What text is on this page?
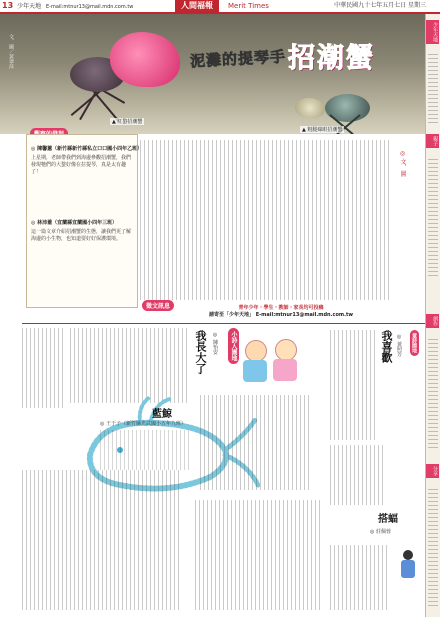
13 少年天地 E-mail:mtnur13@mail.mdn.com.tw	人間福報	Merit Times	中華民國九十七年五月七日 星期三
文、圖／黃翠萍	泥灘的提琴手 招潮蟹
▲ 紅螯招潮蟹
▲ 粗腿綠眼招潮蟹
◎ 陳馨蕙（新竹縣新竹縣私立口口國小四年乙班）
上星期，老師帶我們到海邊參觀招潮蟹，我們發現牠們的大螯好像在拉提琴，真是太有趣了！
◎ 林沛蓁（宜蘭縣宜蘭國小四年三班）
這一篇文章介紹招潮蟹的生態，讓我們更了解海邊的小生物，也知道要好好保護環境。
◎ 文、圖
徵文訊息	青年少年・學生・教師・家長均可投稿
請寄至「少年天地」 E-mail:mtnur13@mail.mdn.com.tw
我長大了 ◎ 陳怡安	小詩人園地	我喜歡 ◎ 黃照芳 童詩園地
藍鯨
◎ 王于子（新竹縣光武國小五年九班）
搭蝠
◎ 莊佩蓉
少年天地
親子
創作
分享
